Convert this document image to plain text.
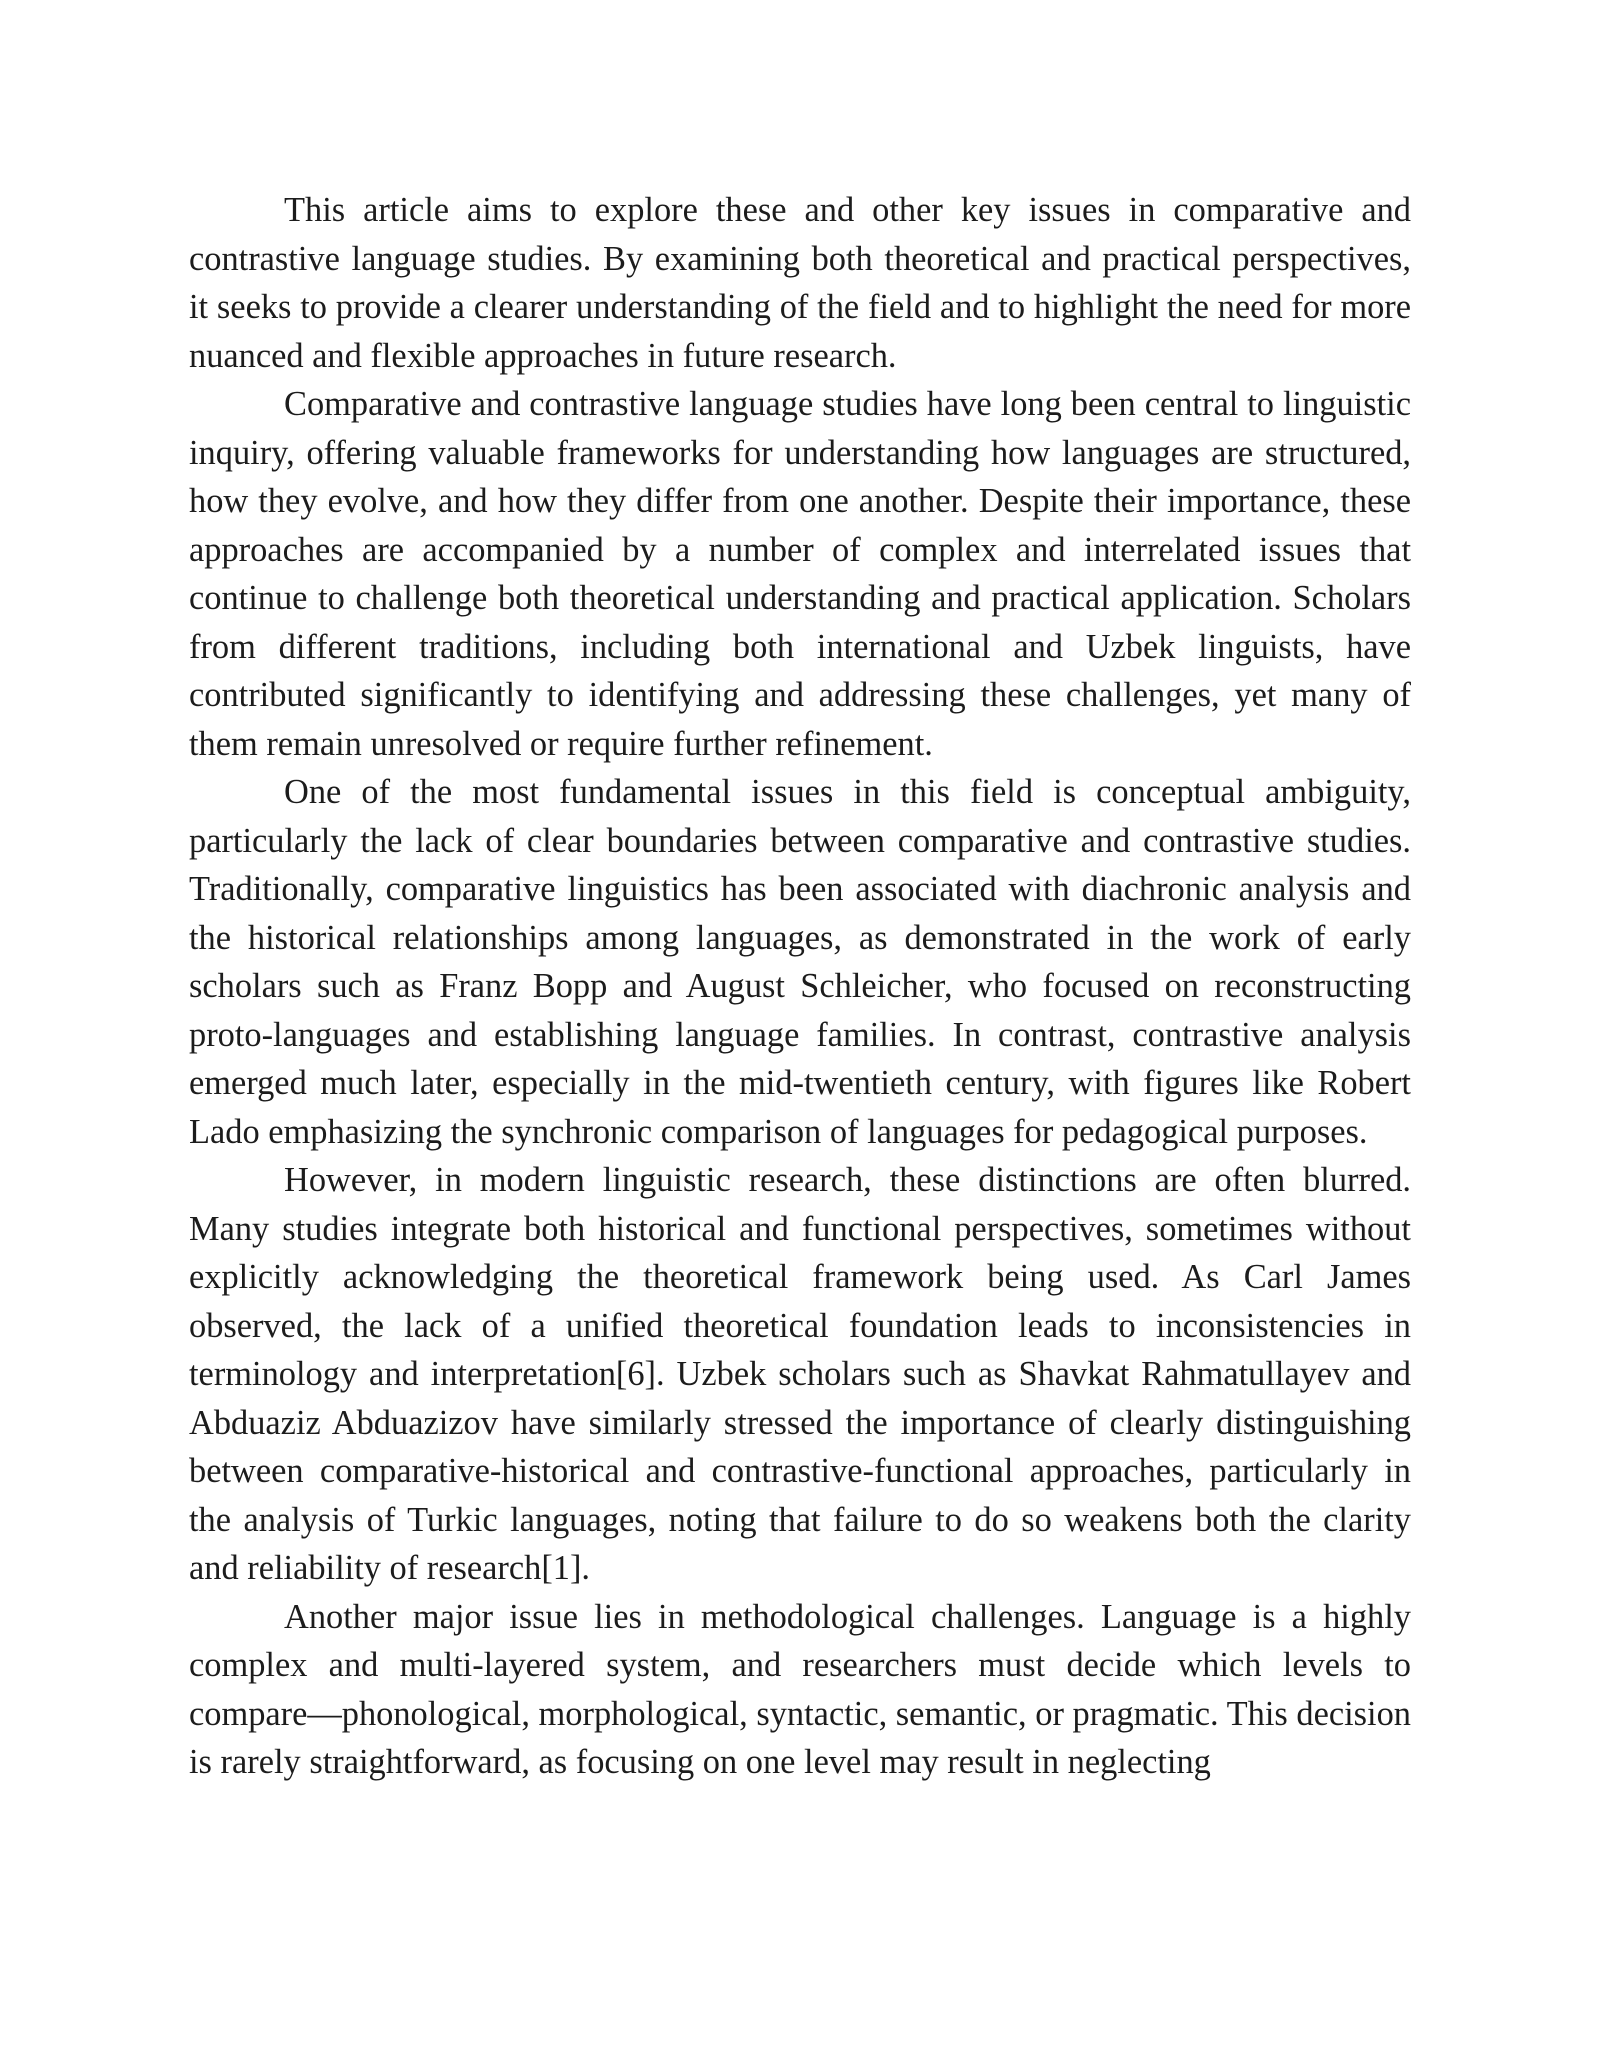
This article aims to explore these and other key issues in comparative and contrastive language studies. By examining both theoretical and practical perspectives, it seeks to provide a clearer understanding of the field and to highlight the need for more nuanced and flexible approaches in future research.

Comparative and contrastive language studies have long been central to linguistic inquiry, offering valuable frameworks for understanding how languages are structured, how they evolve, and how they differ from one another. Despite their importance, these approaches are accompanied by a number of complex and interrelated issues that continue to challenge both theoretical understanding and practical application. Scholars from different traditions, including both international and Uzbek linguists, have contributed significantly to identifying and addressing these challenges, yet many of them remain unresolved or require further refinement.

One of the most fundamental issues in this field is conceptual ambiguity, particularly the lack of clear boundaries between comparative and contrastive studies. Traditionally, comparative linguistics has been associated with diachronic analysis and the historical relationships among languages, as demonstrated in the work of early scholars such as Franz Bopp and August Schleicher, who focused on reconstructing proto-languages and establishing language families. In contrast, contrastive analysis emerged much later, especially in the mid-twentieth century, with figures like Robert Lado emphasizing the synchronic comparison of languages for pedagogical purposes.

However, in modern linguistic research, these distinctions are often blurred. Many studies integrate both historical and functional perspectives, sometimes without explicitly acknowledging the theoretical framework being used. As Carl James observed, the lack of a unified theoretical foundation leads to inconsistencies in terminology and interpretation[6]. Uzbek scholars such as Shavkat Rahmatullayev and Abduaziz Abduazizov have similarly stressed the importance of clearly distinguishing between comparative-historical and contrastive-functional approaches, particularly in the analysis of Turkic languages, noting that failure to do so weakens both the clarity and reliability of research[1].

Another major issue lies in methodological challenges. Language is a highly complex and multi-layered system, and researchers must decide which levels to compare—phonological, morphological, syntactic, semantic, or pragmatic. This decision is rarely straightforward, as focusing on one level may result in neglecting
